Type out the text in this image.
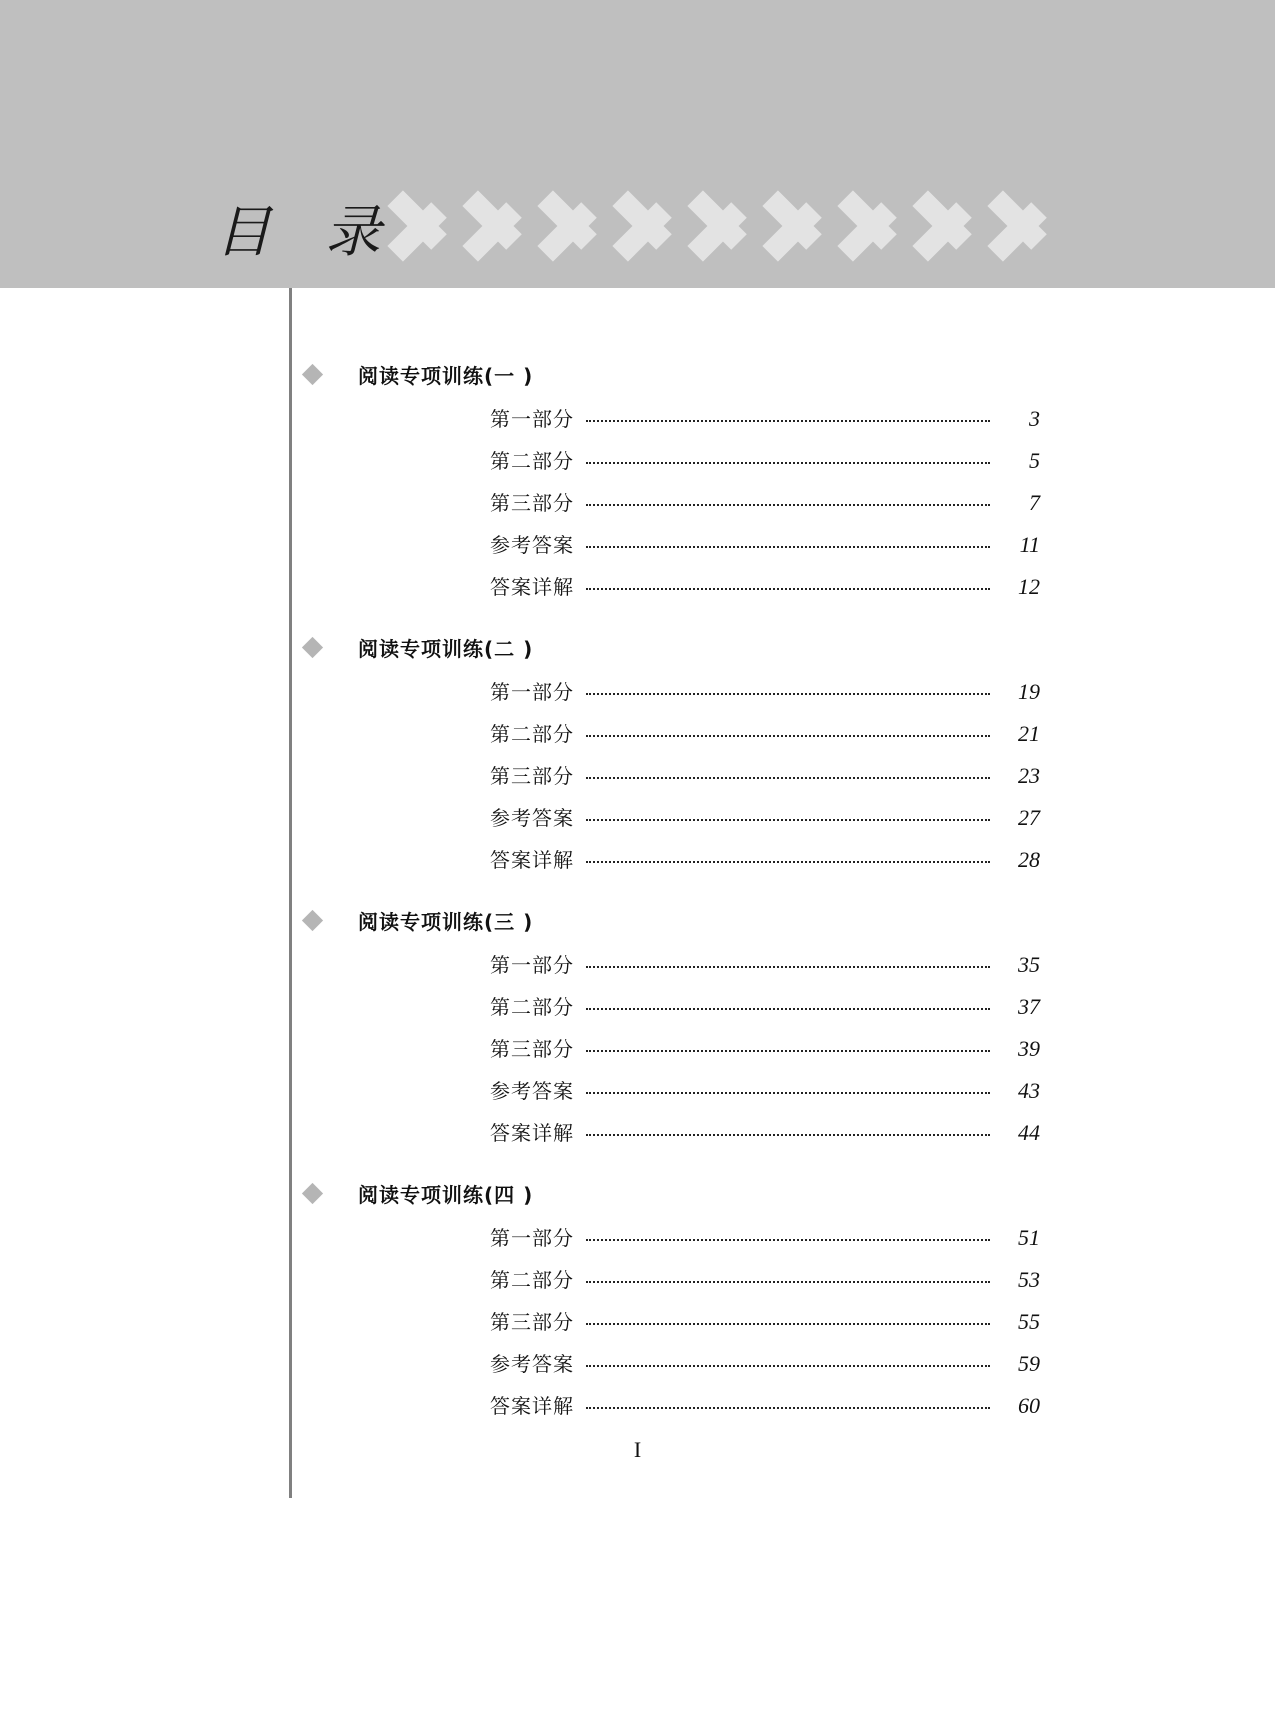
目 录
阅读专项训练(一 )
第一部分	3
第二部分	5
第三部分	7
参考答案	11
答案详解	12
阅读专项训练(二 )
第一部分	19
第二部分	21
第三部分	23
参考答案	27
答案详解	28
阅读专项训练(三 )
第一部分	35
第二部分	37
第三部分	39
参考答案	43
答案详解	44
阅读专项训练(四 )
第一部分	51
第二部分	53
第三部分	55
参考答案	59
答案详解	60
I
